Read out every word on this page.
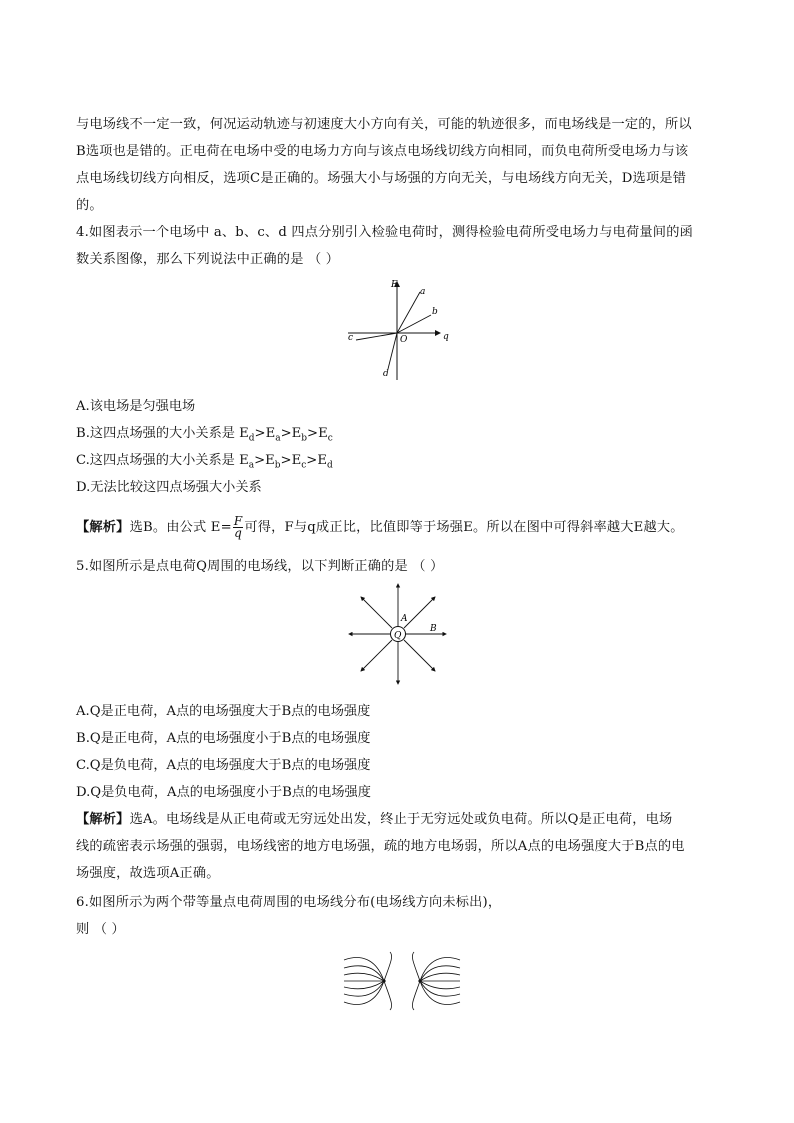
与电场线不一定一致，何况运动轨迹与初速度大小方向有关，可能的轨迹很多，而电场线是一定的，所以
B选项也是错的。正电荷在电场中受的电场力方向与该点电场线切线方向相同，而负电荷所受电场力与该
点电场线切线方向相反，选项C是正确的。场强大小与场强的方向无关，与电场线方向无关，D选项是错
的。
4.如图表示一个电场中 a、b、c、d 四点分别引入检验电荷时，测得检验电荷所受电场力与电荷量间的函
数关系图像，那么下列说法中正确的是 （ ）
F
q
O
a
b
c
d
A.该电场是匀强电场
B.这四点场强的大小关系是 $E_d>E_a>E_b>E_c$
C.这四点场强的大小关系是 $E_a>E_b>E_c>E_d$
D.无法比较这四点场强大小关系
【解析】选B。由公式 $E= \frac{F}{q}$ 可得，F与q成正比，比值即等于场强E。所以在图中可得斜率越大E越大。
5.如图所示是点电荷Q周围的电场线，以下判断正确的是 （ ）
Q
A
B
A.Q是正电荷，A点的电场强度大于B点的电场强度
B.Q是正电荷，A点的电场强度小于B点的电场强度
C.Q是负电荷，A点的电场强度大于B点的电场强度
D.Q是负电荷，A点的电场强度小于B点的电场强度
【解析】选A。电场线是从正电荷或无穷远处出发，终止于无穷远处或负电荷。所以Q是正电荷，电场
线的疏密表示场强的强弱，电场线密的地方电场强，疏的地方电场弱，所以A点的电场强度大于B点的电
场强度，故选项A正确。
6.如图所示为两个带等量点电荷周围的电场线分布(电场线方向未标出)，
则 （ ）
